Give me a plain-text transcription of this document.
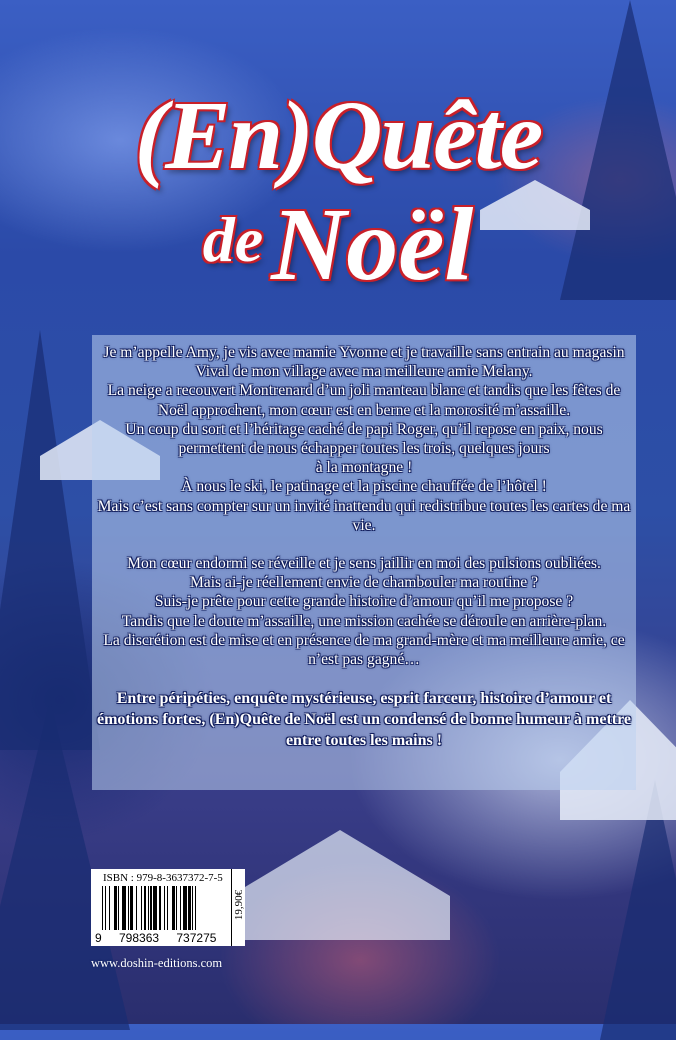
(En)Quête
deNoël

Je m’appelle Amy, je vis avec mamie Yvonne et je travaille sans entrain au magasin Vival de mon village avec ma meilleure amie Melany.

La neige a recouvert Montrenard d’un joli manteau blanc et tandis que les fêtes de Noël approchent, mon cœur est en berne et la morosité m’assaille.

Un coup du sort et l’héritage caché de papi Roger, qu’il repose en paix, nous permettent de nous échapper toutes les trois, quelques jours

à la montagne !

À nous le ski, le patinage et la piscine chauffée de l’hôtel !

Mais c’est sans compter sur un invité inattendu qui redistribue toutes les cartes de ma vie.

Mon cœur endormi se réveille et je sens jaillir en moi des pulsions oubliées.

Mais ai-je réellement envie de chambouler ma routine ?

Suis-je prête pour cette grande histoire d’amour qu’il me propose ?

Tandis que le doute m’assaille, une mission cachée se déroule en arrière-plan.

La discrétion est de mise et en présence de ma grand-mère et ma meilleure amie, ce n’est pas gagné…

Entre péripéties, enquête mystérieuse, esprit farceur, histoire d’amour et émotions fortes, (En)Quête de Noël est un condensé de bonne humeur à mettre entre toutes les mains !

ISBN : 979-8-3637372-7-5
9 798363 737275
19,90€
www.doshin-editions.com
